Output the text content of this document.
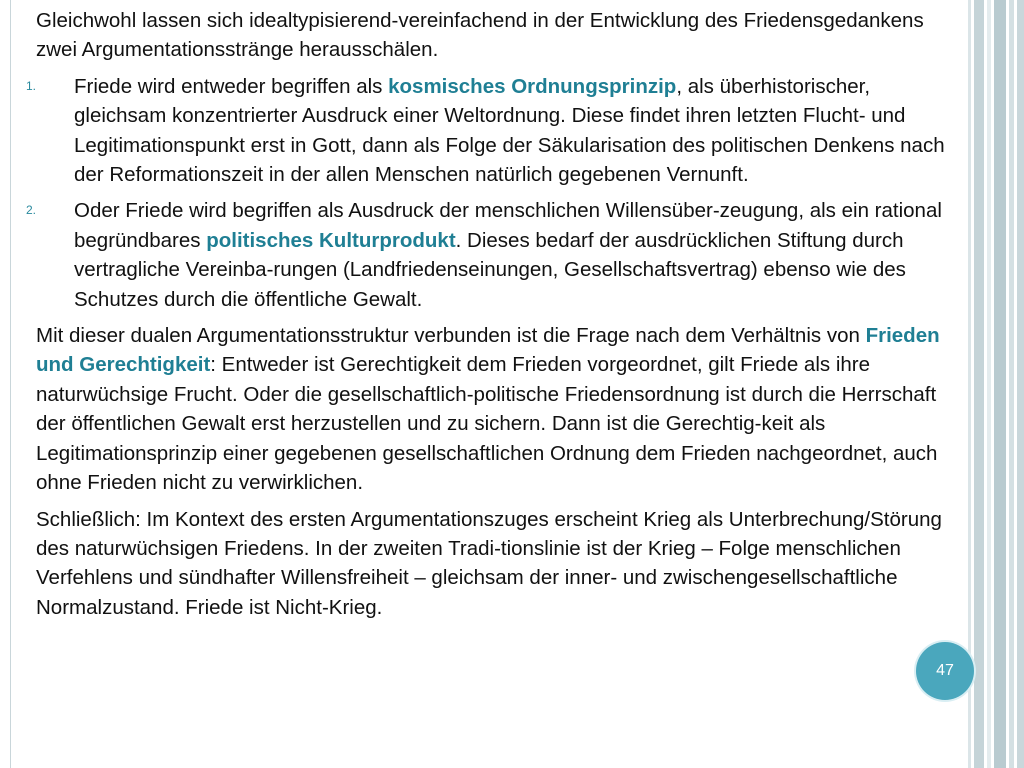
Gleichwohl lassen sich idealtypisierend-vereinfachend in der Entwicklung des Friedensgedankens zwei Argumentationsstränge herausschälen.

1.	Friede wird entweder begriffen als kosmisches Ordnungsprinzip, als überhistorischer, gleichsam konzentrierter Ausdruck einer Weltordnung. Diese findet ihren letzten Flucht- und Legitimationspunkt erst in Gott, dann als Folge der Säkularisation des politischen Denkens nach der Reformationszeit in der allen Menschen natürlich gegebenen Vernunft.
2.	Oder Friede wird begriffen als Ausdruck der menschlichen Willensüber-zeugung, als ein rational begründbares politisches Kulturprodukt. Dieses bedarf der ausdrücklichen Stiftung durch vertragliche Vereinba-rungen (Landfriedenseinungen, Gesellschaftsvertrag) ebenso wie des Schutzes durch die öffentliche Gewalt.

Mit dieser dualen Argumentationsstruktur verbunden ist die Frage nach dem Verhältnis von Frieden und Gerechtigkeit: Entweder ist Gerechtigkeit dem Frieden vorgeordnet, gilt Friede als ihre naturwüchsige Frucht. Oder die gesellschaftlich-politische Friedensordnung ist durch die Herrschaft der öffentlichen Gewalt erst herzustellen und zu sichern. Dann ist die Gerechtig-keit als Legitimationsprinzip einer gegebenen gesellschaftlichen Ordnung dem Frieden nachgeordnet, auch ohne Frieden nicht zu verwirklichen.

Schließlich: Im Kontext des ersten Argumentationszuges erscheint Krieg als Unterbrechung/Störung des naturwüchsigen Friedens. In der zweiten Tradi-tionslinie ist der Krieg – Folge menschlichen Verfehlens und sündhafter Willensfreiheit – gleichsam der inner- und zwischengesellschaftliche Normalzustand. Friede ist Nicht-Krieg.

47
